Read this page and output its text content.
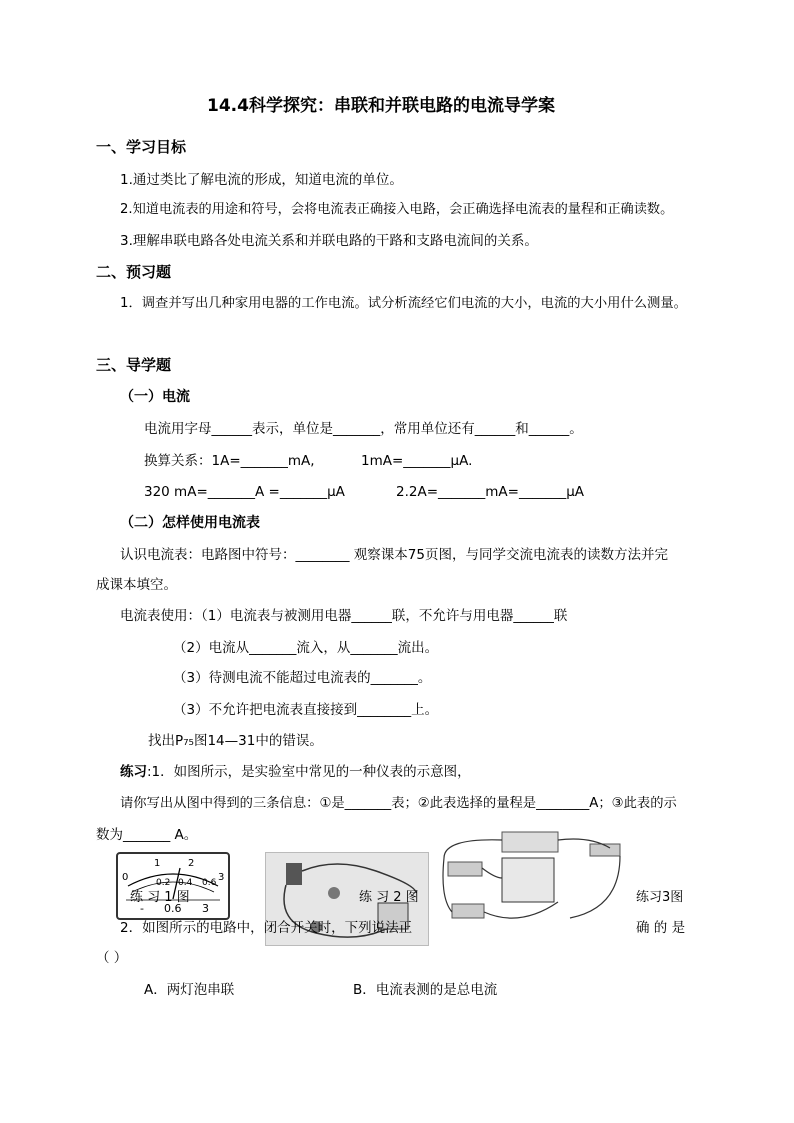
14.4科学探究：串联和并联电路的电流导学案
一、学习目标
1.通过类比了解电流的形成，知道电流的单位。
2.知道电流表的用途和符号，会将电流表正确接入电路，会正确选择电流表的量程和正确读数。
3.理解串联电路各处电流关系和并联电路的干路和支路电流间的关系。
二、预习题
1．调查并写出几种家用电器的工作电流。试分析流经它们电流的大小，电流的大小用什么测量。
三、导学题
（一）电流
电流用字母______表示，单位是_______，常用单位还有______和______。
换算关系：1A=_______mA,	1mA=_______μA.
320 mA=_______A =_______μA	2.2A=_______mA=_______μA
（二）怎样使用电流表
认识电流表：电路图中符号：________ 观察课本75页图，与同学交流电流表的读数方法并完
成课本填空。
电流表使用：（1）电流表与被测用电器______联，不允许与用电器______联
（2）电流从_______流入，从_______流出。
（3）待测电流不能超过电流表的_______。
（3）不允许把电流表直接接到________上。
找出P₇₅图14—31中的错误。
练习:1．如图所示，是实验室中常见的一种仪表的示意图，
请你写出从图中得到的三条信息：①是_______表；②此表选择的量程是________A；③此表的示
数为_______ A。
0
1	2
3
0.2 0.4 0.6
- 0.6 3
练 习 1 图	练 习 2 图	练习3图
2．如图所示的电路中，闭合开关时，下列说法正	确 的 是
（ ）
A．两灯泡串联	B．电流表测的是总电流
